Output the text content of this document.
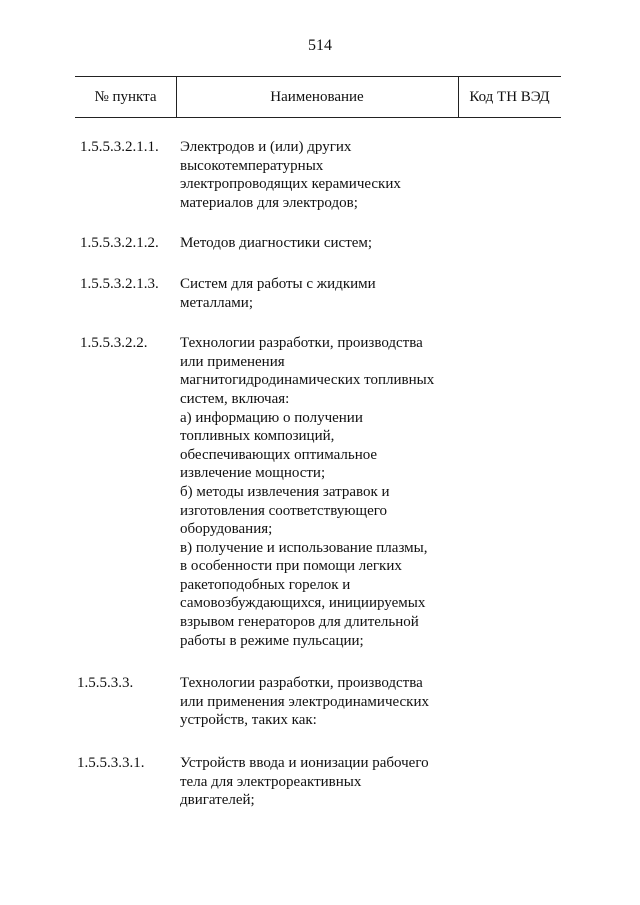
514
№ пункта	Наименование	Код ТН ВЭД
1.5.5.3.2.1.1.	Электродов и (или) других
высокотемпературных
электропроводящих керамических
материалов для электродов;
1.5.5.3.2.1.2.	Методов диагностики систем;
1.5.5.3.2.1.3.	Систем для работы с жидкими
металлами;
1.5.5.3.2.2.	Технологии разработки, производства
или применения
магнитогидродинамических топливных
систем, включая:
а) информацию о получении
топливных композиций,
обеспечивающих оптимальное
извлечение мощности;
б) методы извлечения затравок и
изготовления соответствующего
оборудования;
в) получение и использование плазмы,
в особенности при помощи легких
ракетоподобных горелок и
самовозбуждающихся, инициируемых
взрывом генераторов для длительной
работы в режиме пульсации;
1.5.5.3.3.	Технологии разработки, производства
или применения электродинамических
устройств, таких как:
1.5.5.3.3.1.	Устройств ввода и ионизации рабочего
тела для электрореактивных
двигателей;
